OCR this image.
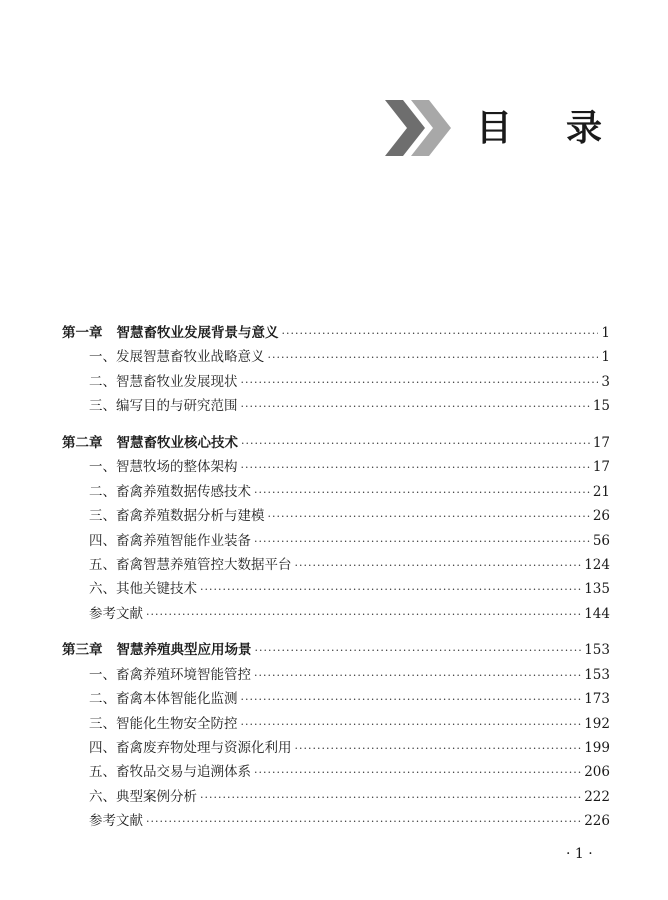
目 录
第一章 智慧畜牧业发展背景与意义 ·····	1
一、发展智慧畜牧业战略意义 ·····	1
二、智慧畜牧业发展现状 ·····	3
三、编写目的与研究范围 ·····	15
第二章 智慧畜牧业核心技术 ·····	17
一、智慧牧场的整体架构 ·····	17
二、畜禽养殖数据传感技术 ·····	21
三、畜禽养殖数据分析与建模 ·····	26
四、畜禽养殖智能作业装备 ·····	56
五、畜禽智慧养殖管控大数据平台 ·····	124
六、其他关键技术 ·····	135
参考文献 ·····	144
第三章 智慧养殖典型应用场景 ·····	153
一、畜禽养殖环境智能管控 ·····	153
二、畜禽本体智能化监测 ·····	173
三、智能化生物安全防控 ·····	192
四、畜禽废弃物处理与资源化利用 ·····	199
五、畜牧品交易与追溯体系 ·····	206
六、典型案例分析 ·····	222
参考文献 ·····	226
· 1 ·
